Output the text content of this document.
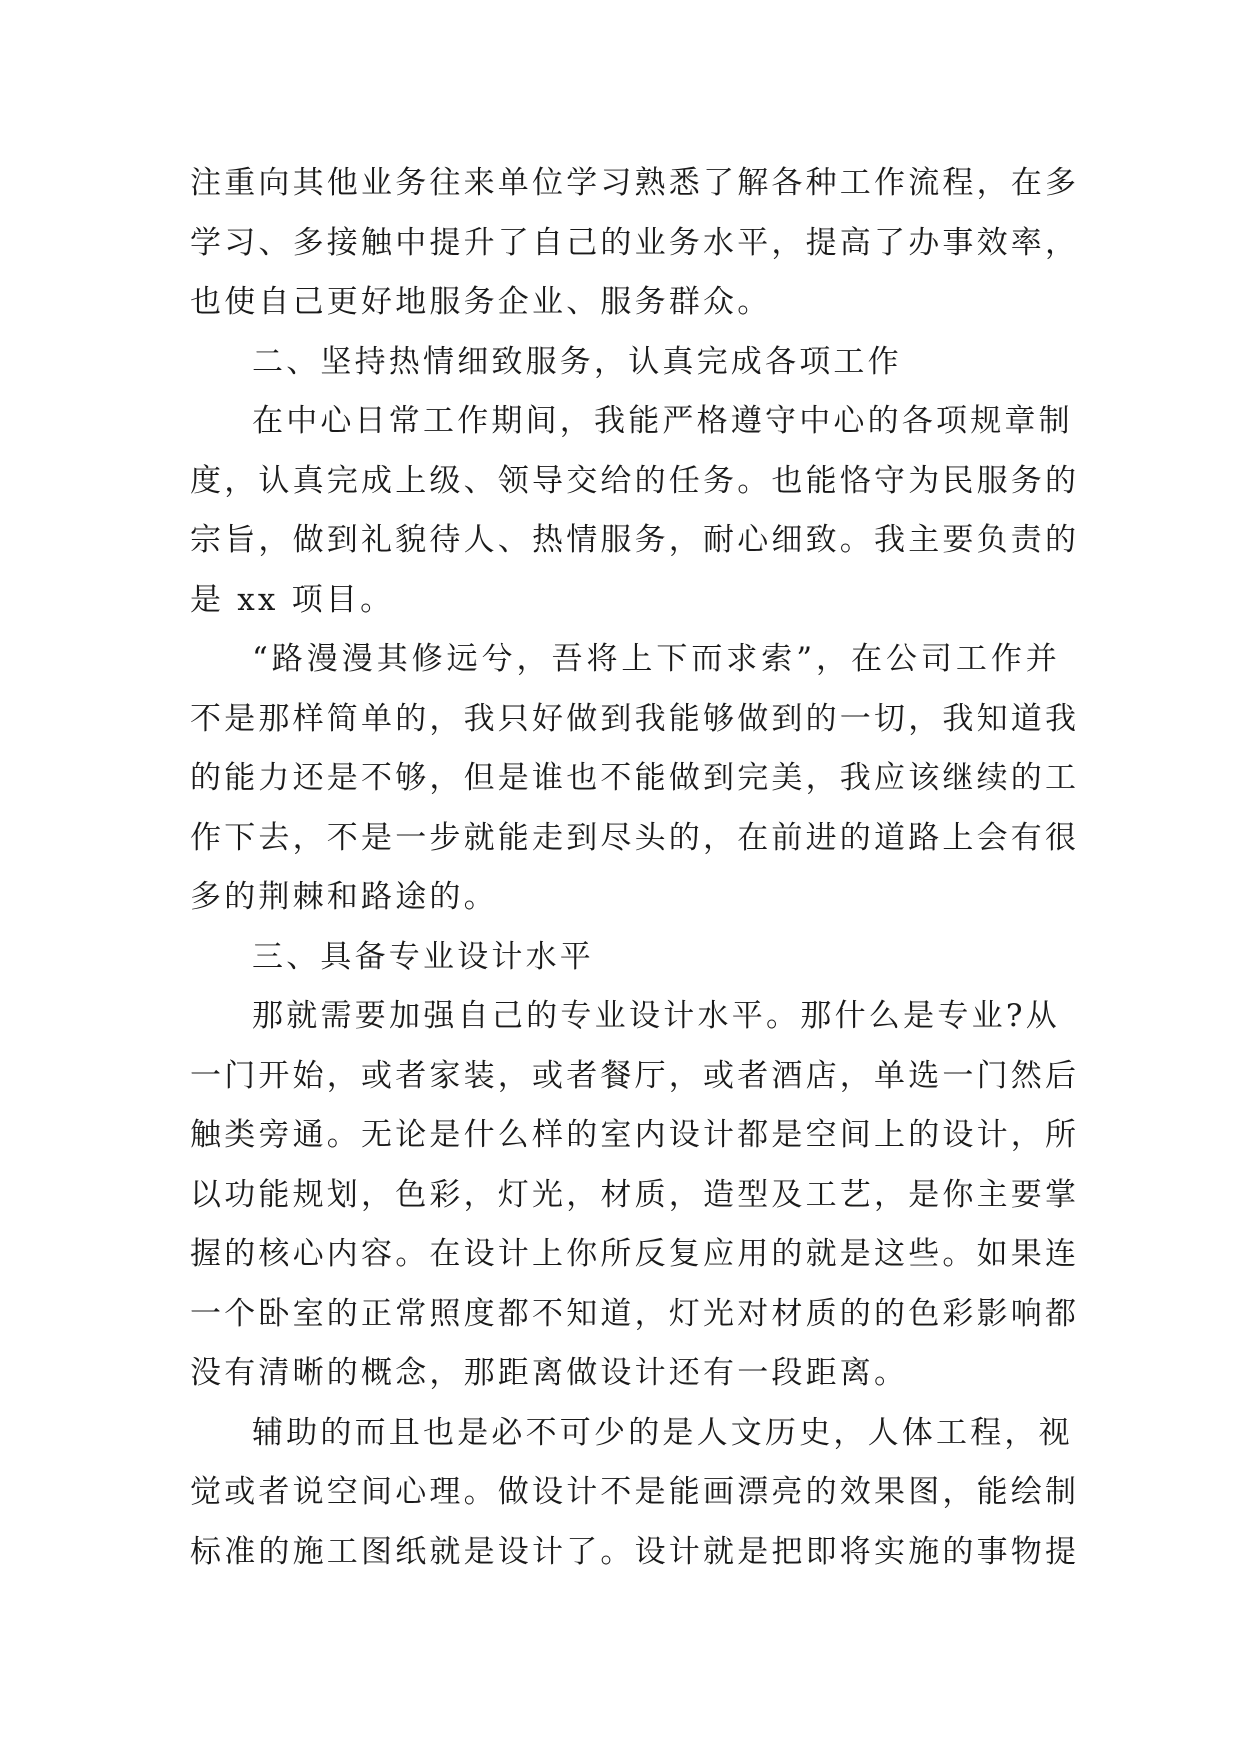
注重向其他业务往来单位学习熟悉了解各种工作流程，在多
学习、多接触中提升了自己的业务水平，提高了办事效率，
也使自己更好地服务企业、服务群众。

二、坚持热情细致服务，认真完成各项工作

在中心日常工作期间，我能严格遵守中心的各项规章制
度，认真完成上级、领导交给的任务。也能恪守为民服务的
宗旨，做到礼貌待人、热情服务，耐心细致。我主要负责的
是 xx 项目。

“路漫漫其修远兮，吾将上下而求索”，在公司工作并
不是那样简单的，我只好做到我能够做到的一切，我知道我
的能力还是不够，但是谁也不能做到完美，我应该继续的工
作下去，不是一步就能走到尽头的，在前进的道路上会有很
多的荆棘和路途的。

三、具备专业设计水平

那就需要加强自己的专业设计水平。那什么是专业?从
一门开始，或者家装，或者餐厅，或者酒店，单选一门然后
触类旁通。无论是什么样的室内设计都是空间上的设计，所
以功能规划，色彩，灯光，材质，造型及工艺，是你主要掌
握的核心内容。在设计上你所反复应用的就是这些。如果连
一个卧室的正常照度都不知道，灯光对材质的的色彩影响都
没有清晰的概念，那距离做设计还有一段距离。

辅助的而且也是必不可少的是人文历史，人体工程，视
觉或者说空间心理。做设计不是能画漂亮的效果图，能绘制
标准的施工图纸就是设计了。设计就是把即将实施的事物提
